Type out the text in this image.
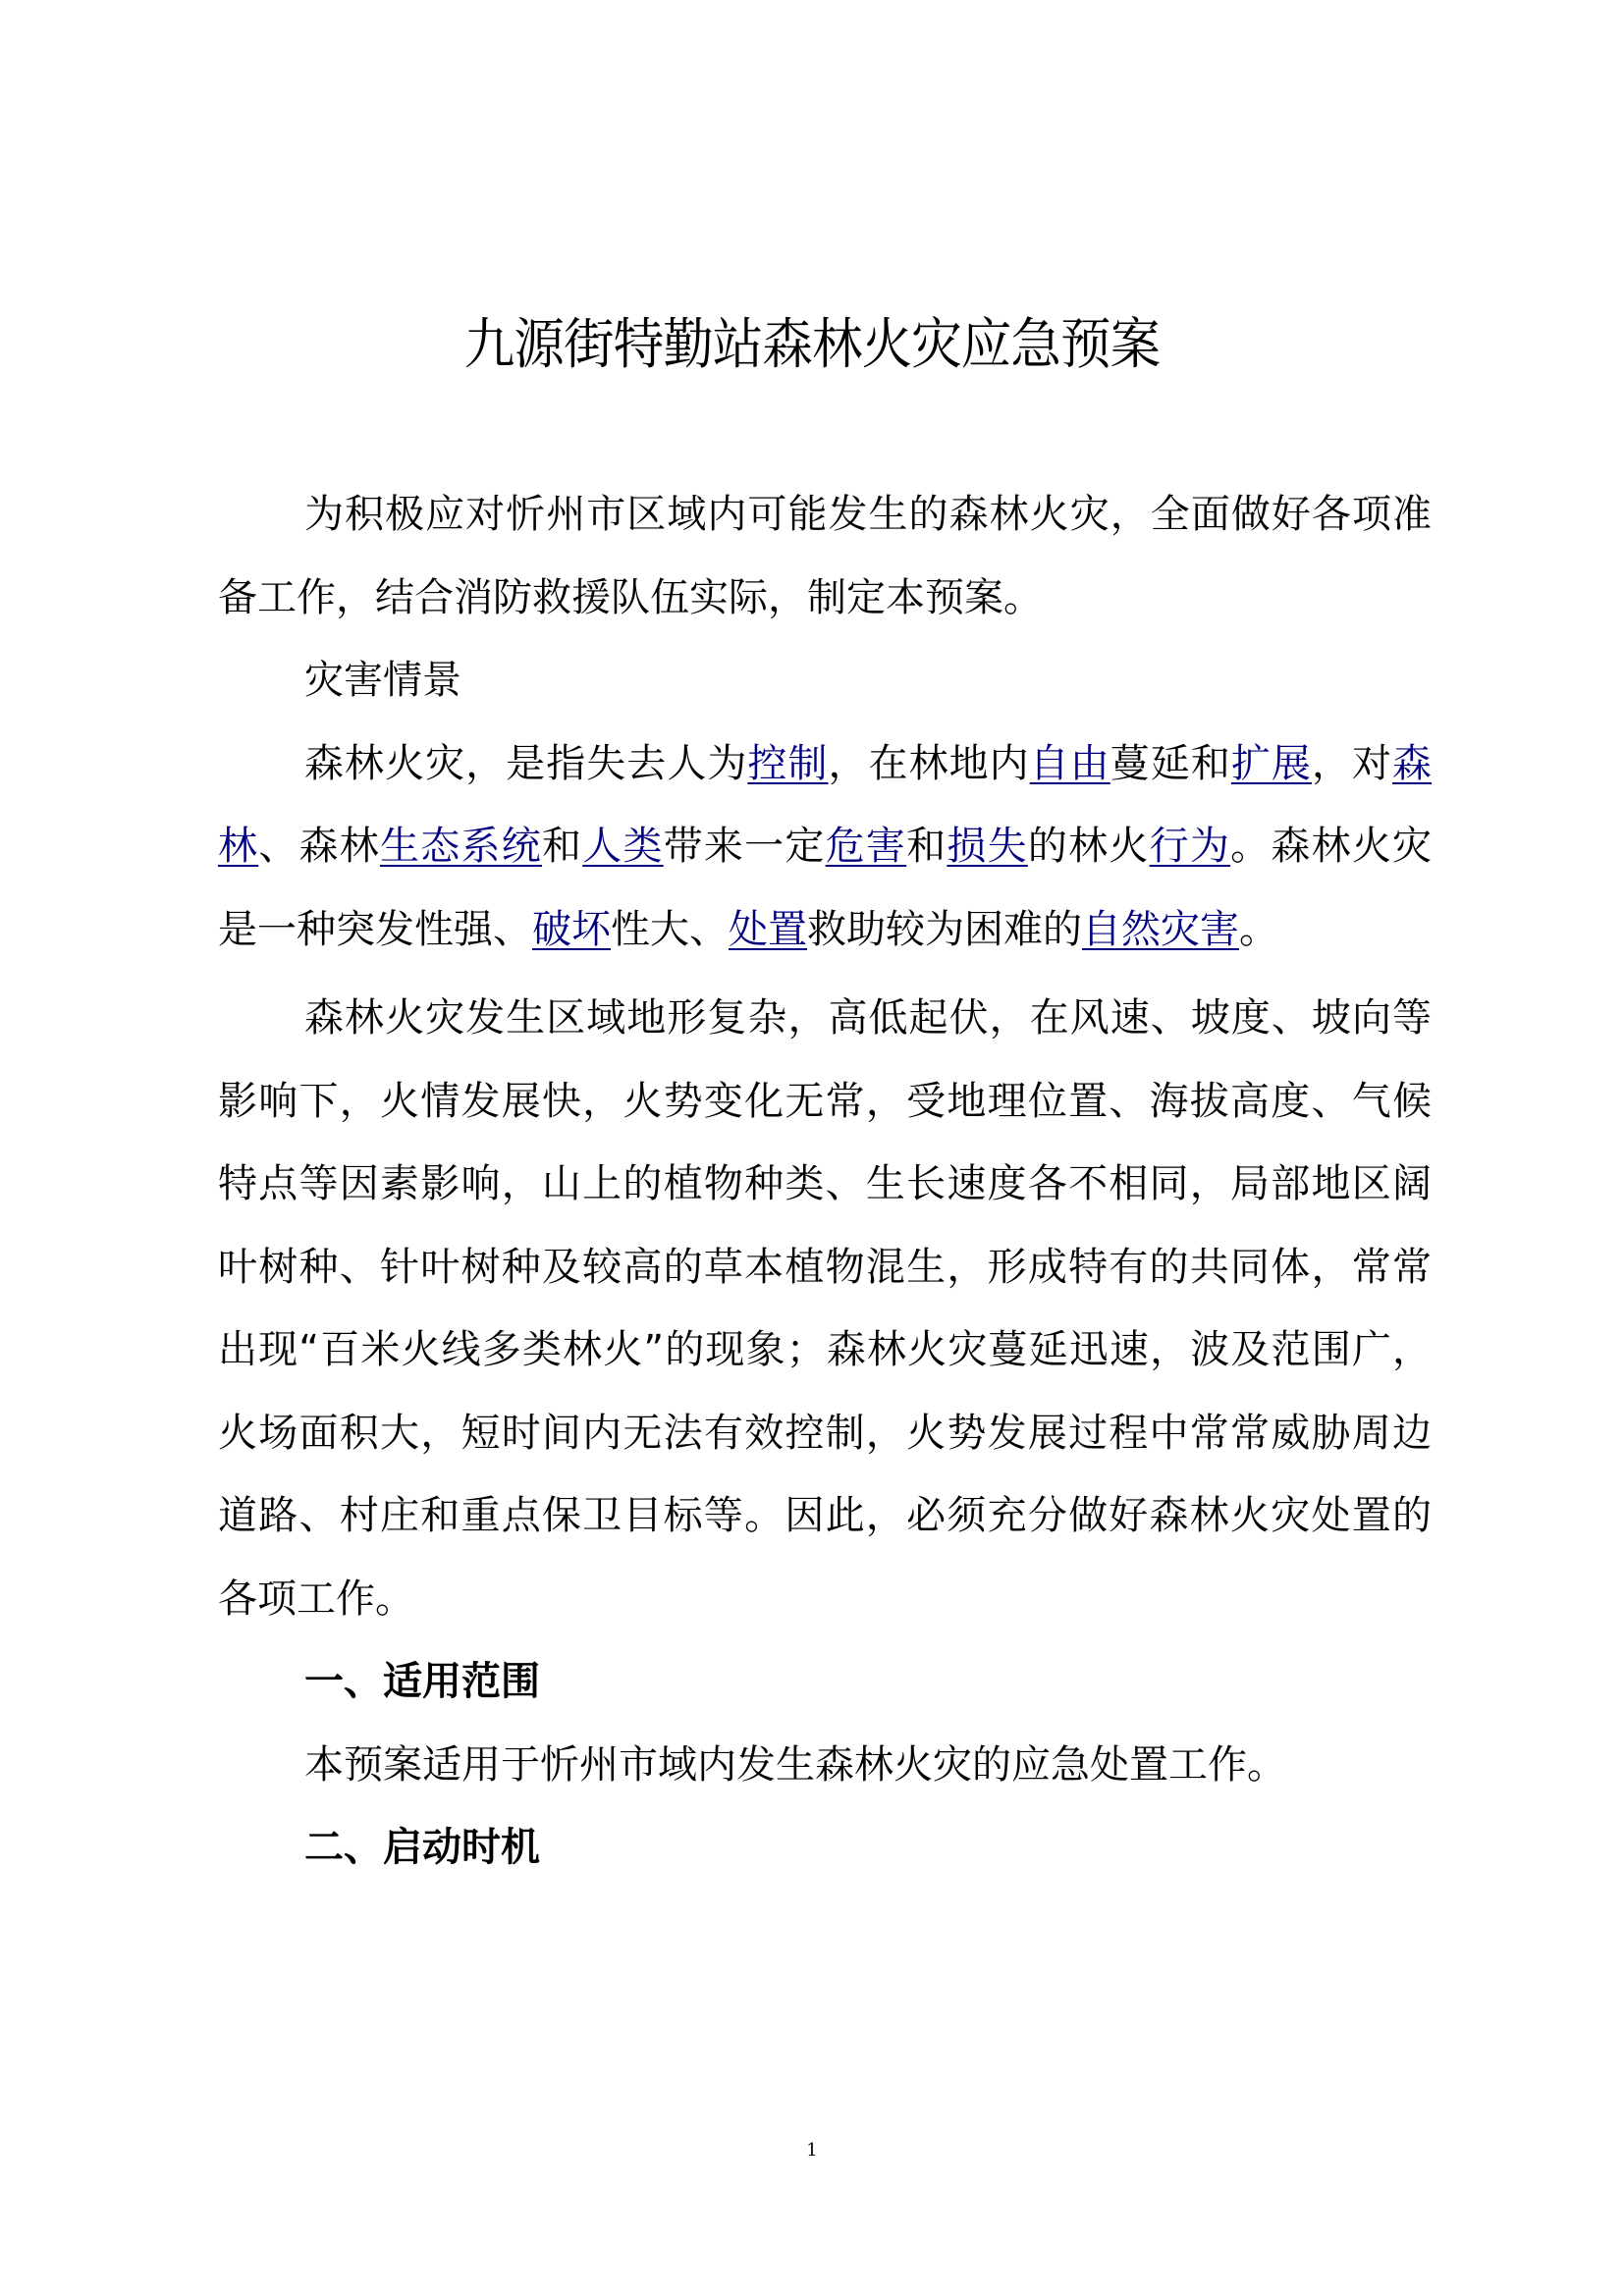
九源街特勤站森林火灾应急预案

为积极应对忻州市区域内可能发生的森林火灾，全面做好各项准备工作，结合消防救援队伍实际，制定本预案。

灾害情景

森林火灾，是指失去人为控制，在林地内自由蔓延和扩展，对森林、森林生态系统和人类带来一定危害和损失的林火行为。森林火灾是一种突发性强、破坏性大、处置救助较为困难的自然灾害。

森林火灾发生区域地形复杂，高低起伏，在风速、坡度、坡向等影响下，火情发展快，火势变化无常，受地理位置、海拔高度、气候特点等因素影响，山上的植物种类、生长速度各不相同，局部地区阔叶树种、针叶树种及较高的草本植物混生，形成特有的共同体，常常出现“百米火线多类林火”的现象；森林火灾蔓延迅速，波及范围广，火场面积大，短时间内无法有效控制，火势发展过程中常常威胁周边道路、村庄和重点保卫目标等。因此，必须充分做好森林火灾处置的各项工作。

一、适用范围

本预案适用于忻州市域内发生森林火灾的应急处置工作。

二、启动时机

1
